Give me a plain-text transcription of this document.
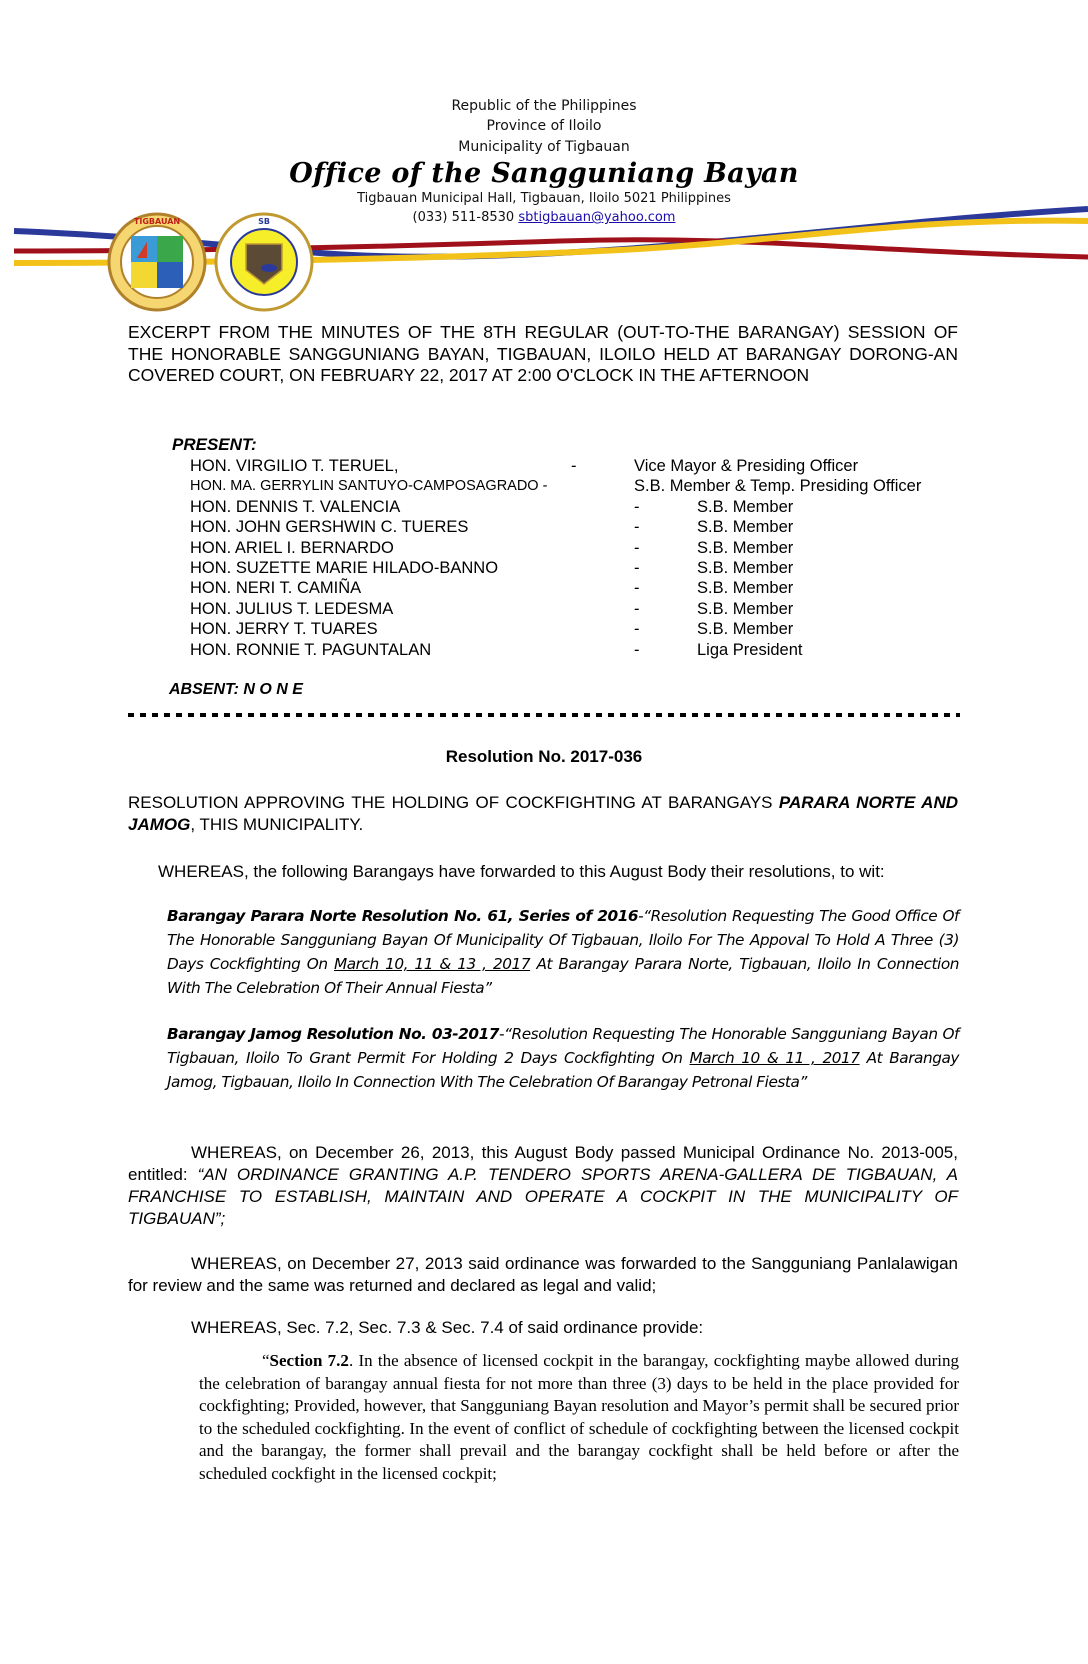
TIGBAUAN	SB
Republic of the Philippines
Province of Iloilo
Municipality of Tigbauan
Office of the Sangguniang Bayan
Tigbauan Municipal Hall, Tigbauan, Iloilo 5021 Philippines
(033) 511-8530 sbtigbauan@yahoo.com
EXCERPT FROM THE MINUTES OF THE 8TH REGULAR (OUT-TO-THE BARANGAY) SESSION OF THE HONORABLE SANGGUNIANG BAYAN, TIGBAUAN, ILOILO HELD AT BARANGAY DORONG-AN COVERED COURT, ON FEBRUARY 22, 2017 AT 2:00 O'CLOCK IN THE AFTERNOON
PRESENT:
HON. VIRGILIO T. TERUEL,	-	Vice Mayor & Presiding Officer
HON. MA. GERRYLIN SANTUYO-CAMPOSAGRADO -	S.B. Member & Temp. Presiding Officer
HON. DENNIS T. VALENCIA	-	S.B. Member
HON. JOHN GERSHWIN C. TUERES	-	S.B. Member
HON. ARIEL I. BERNARDO	-	S.B. Member
HON. SUZETTE MARIE HILADO-BANNO	-	S.B. Member
HON. NERI T. CAMIÑA	-	S.B. Member
HON. JULIUS T. LEDESMA	-	S.B. Member
HON. JERRY T. TUARES	-	S.B. Member
HON. RONNIE T. PAGUNTALAN	-	Liga President
ABSENT: N O N E
Resolution No. 2017-036
RESOLUTION APPROVING THE HOLDING OF COCKFIGHTING AT BARANGAYS PARARA NORTE AND JAMOG, THIS MUNICIPALITY.
WHEREAS, the following Barangays have forwarded to this August Body their resolutions, to wit:
Barangay Parara Norte Resolution No. 61, Series of 2016-“Resolution Requesting The Good Office Of The Honorable Sangguniang Bayan Of Municipality Of Tigbauan, Iloilo For The Appoval To Hold A Three (3) Days Cockfighting On March 10, 11 & 13 , 2017 At Barangay Parara Norte, Tigbauan, Iloilo In Connection With The Celebration Of Their Annual Fiesta”
Barangay Jamog Resolution No. 03-2017-“Resolution Requesting The Honorable Sangguniang Bayan Of Tigbauan, Iloilo To Grant Permit For Holding 2 Days Cockfighting On March 10 & 11 , 2017 At Barangay Jamog, Tigbauan, Iloilo In Connection With The Celebration Of Barangay Petronal Fiesta”
WHEREAS, on December 26, 2013, this August Body passed Municipal Ordinance No. 2013-005, entitled: “AN ORDINANCE GRANTING A.P. TENDERO SPORTS ARENA-GALLERA DE TIGBAUAN, A FRANCHISE TO ESTABLISH, MAINTAIN AND OPERATE A COCKPIT IN THE MUNICIPALITY OF TIGBAUAN”;
WHEREAS, on December 27, 2013 said ordinance was forwarded to the Sangguniang Panlalawigan for review and the same was returned and declared as legal and valid;
WHEREAS, Sec. 7.2, Sec. 7.3 & Sec. 7.4 of said ordinance provide:
“Section 7.2. In the absence of licensed cockpit in the barangay, cockfighting maybe allowed during the celebration of barangay annual fiesta for not more than three (3) days to be held in the place provided for cockfighting; Provided, however, that Sangguniang Bayan resolution and Mayor’s permit shall be secured prior to the scheduled cockfighting. In the event of conflict of schedule of cockfighting between the licensed cockpit and the barangay, the former shall prevail and the barangay cockfight shall be held before or after the scheduled cockfight in the licensed cockpit;
